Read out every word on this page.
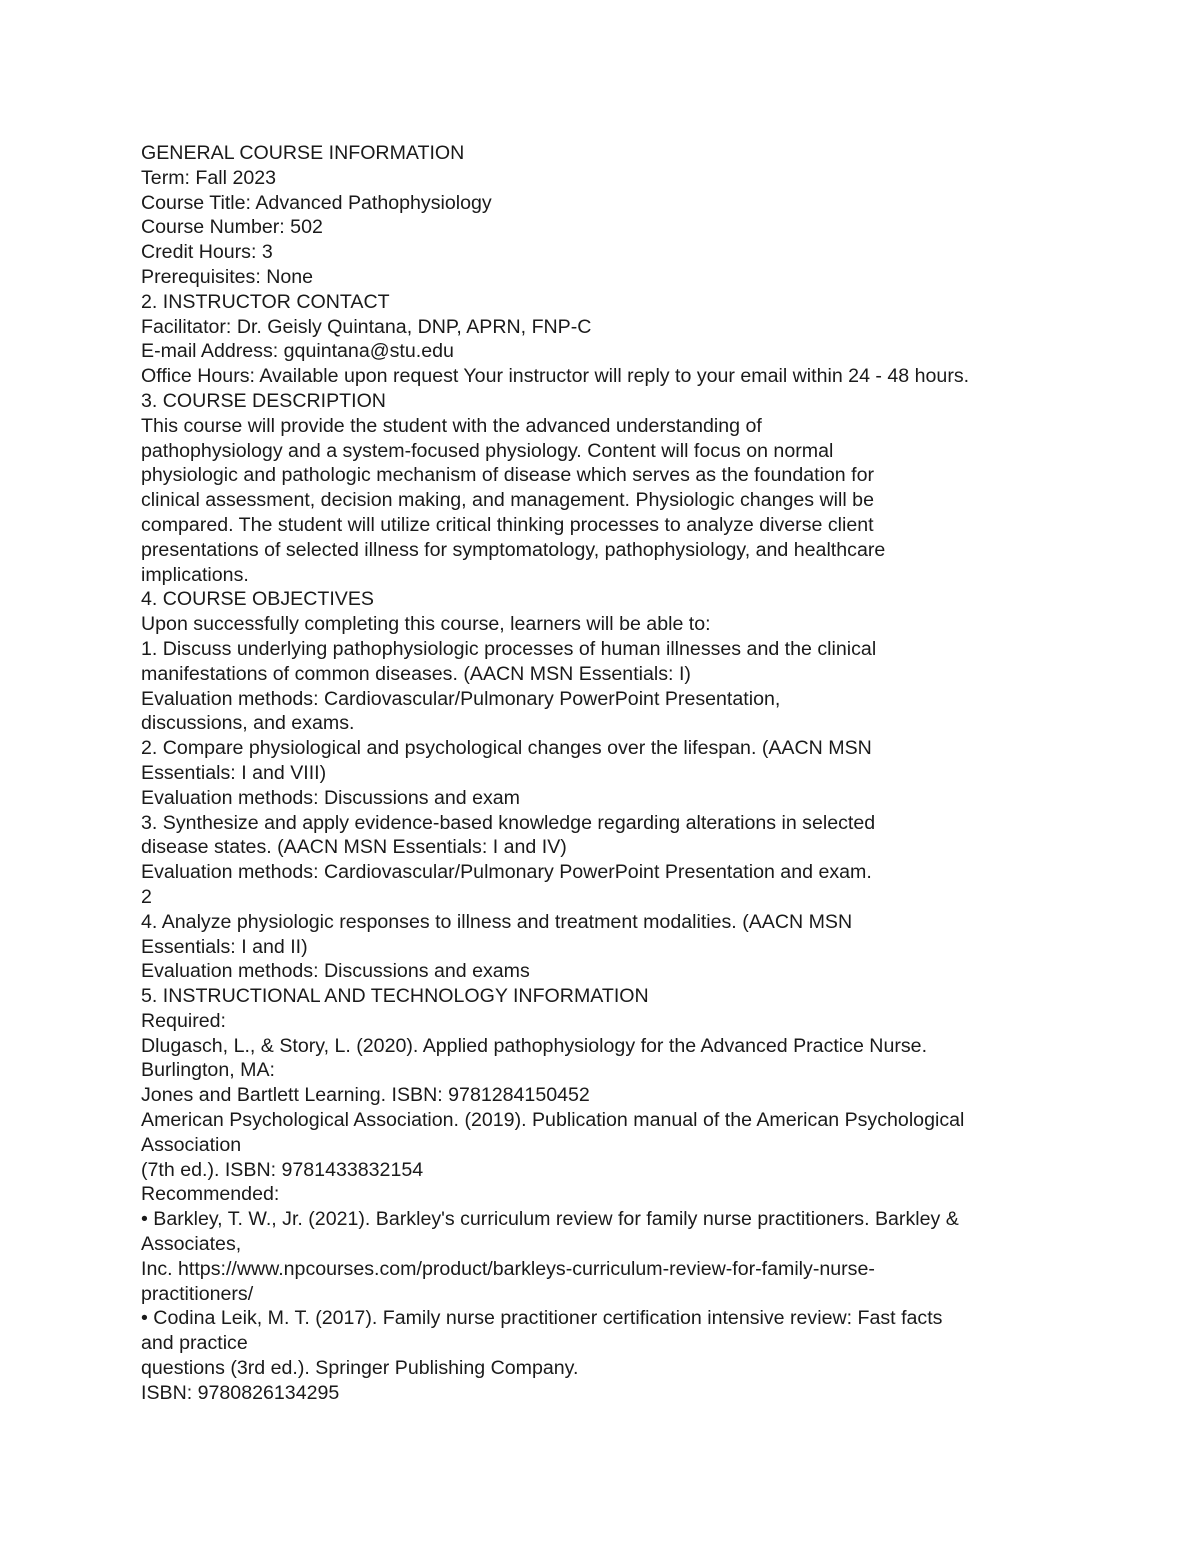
GENERAL COURSE INFORMATION
Term: Fall 2023
Course Title: Advanced Pathophysiology
Course Number: 502
Credit Hours: 3
Prerequisites: None
2. INSTRUCTOR CONTACT
Facilitator: Dr. Geisly Quintana, DNP, APRN, FNP-C
E-mail Address: gquintana@stu.edu
Office Hours: Available upon request Your instructor will reply to your email within 24 - 48 hours.
3. COURSE DESCRIPTION
This course will provide the student with the advanced understanding of
pathophysiology and a system-focused physiology. Content will focus on normal
physiologic and pathologic mechanism of disease which serves as the foundation for
clinical assessment, decision making, and management. Physiologic changes will be
compared. The student will utilize critical thinking processes to analyze diverse client
presentations of selected illness for symptomatology, pathophysiology, and healthcare
implications.
4. COURSE OBJECTIVES
Upon successfully completing this course, learners will be able to:
1. Discuss underlying pathophysiologic processes of human illnesses and the clinical
manifestations of common diseases. (AACN MSN Essentials: I)
Evaluation methods: Cardiovascular/Pulmonary PowerPoint Presentation,
discussions, and exams.
2. Compare physiological and psychological changes over the lifespan. (AACN MSN
Essentials: I and VIII)
Evaluation methods: Discussions and exam
3. Synthesize and apply evidence-based knowledge regarding alterations in selected
disease states. (AACN MSN Essentials: I and IV)
Evaluation methods: Cardiovascular/Pulmonary PowerPoint Presentation and exam.
2
4. Analyze physiologic responses to illness and treatment modalities. (AACN MSN
Essentials: I and II)
Evaluation methods: Discussions and exams
5. INSTRUCTIONAL AND TECHNOLOGY INFORMATION
Required:
Dlugasch, L., & Story, L. (2020). Applied pathophysiology for the Advanced Practice Nurse.
Burlington, MA:
Jones and Bartlett Learning. ISBN: 9781284150452
American Psychological Association. (2019). Publication manual of the American Psychological
Association
(7th ed.). ISBN: 9781433832154
Recommended:
• Barkley, T. W., Jr. (2021). Barkley's curriculum review for family nurse practitioners. Barkley &
Associates,
Inc. https://www.npcourses.com/product/barkleys-curriculum-review-for-family-nurse-
practitioners/
• Codina Leik, M. T. (2017). Family nurse practitioner certification intensive review: Fast facts
and practice
questions (3rd ed.). Springer Publishing Company.
ISBN: 9780826134295
